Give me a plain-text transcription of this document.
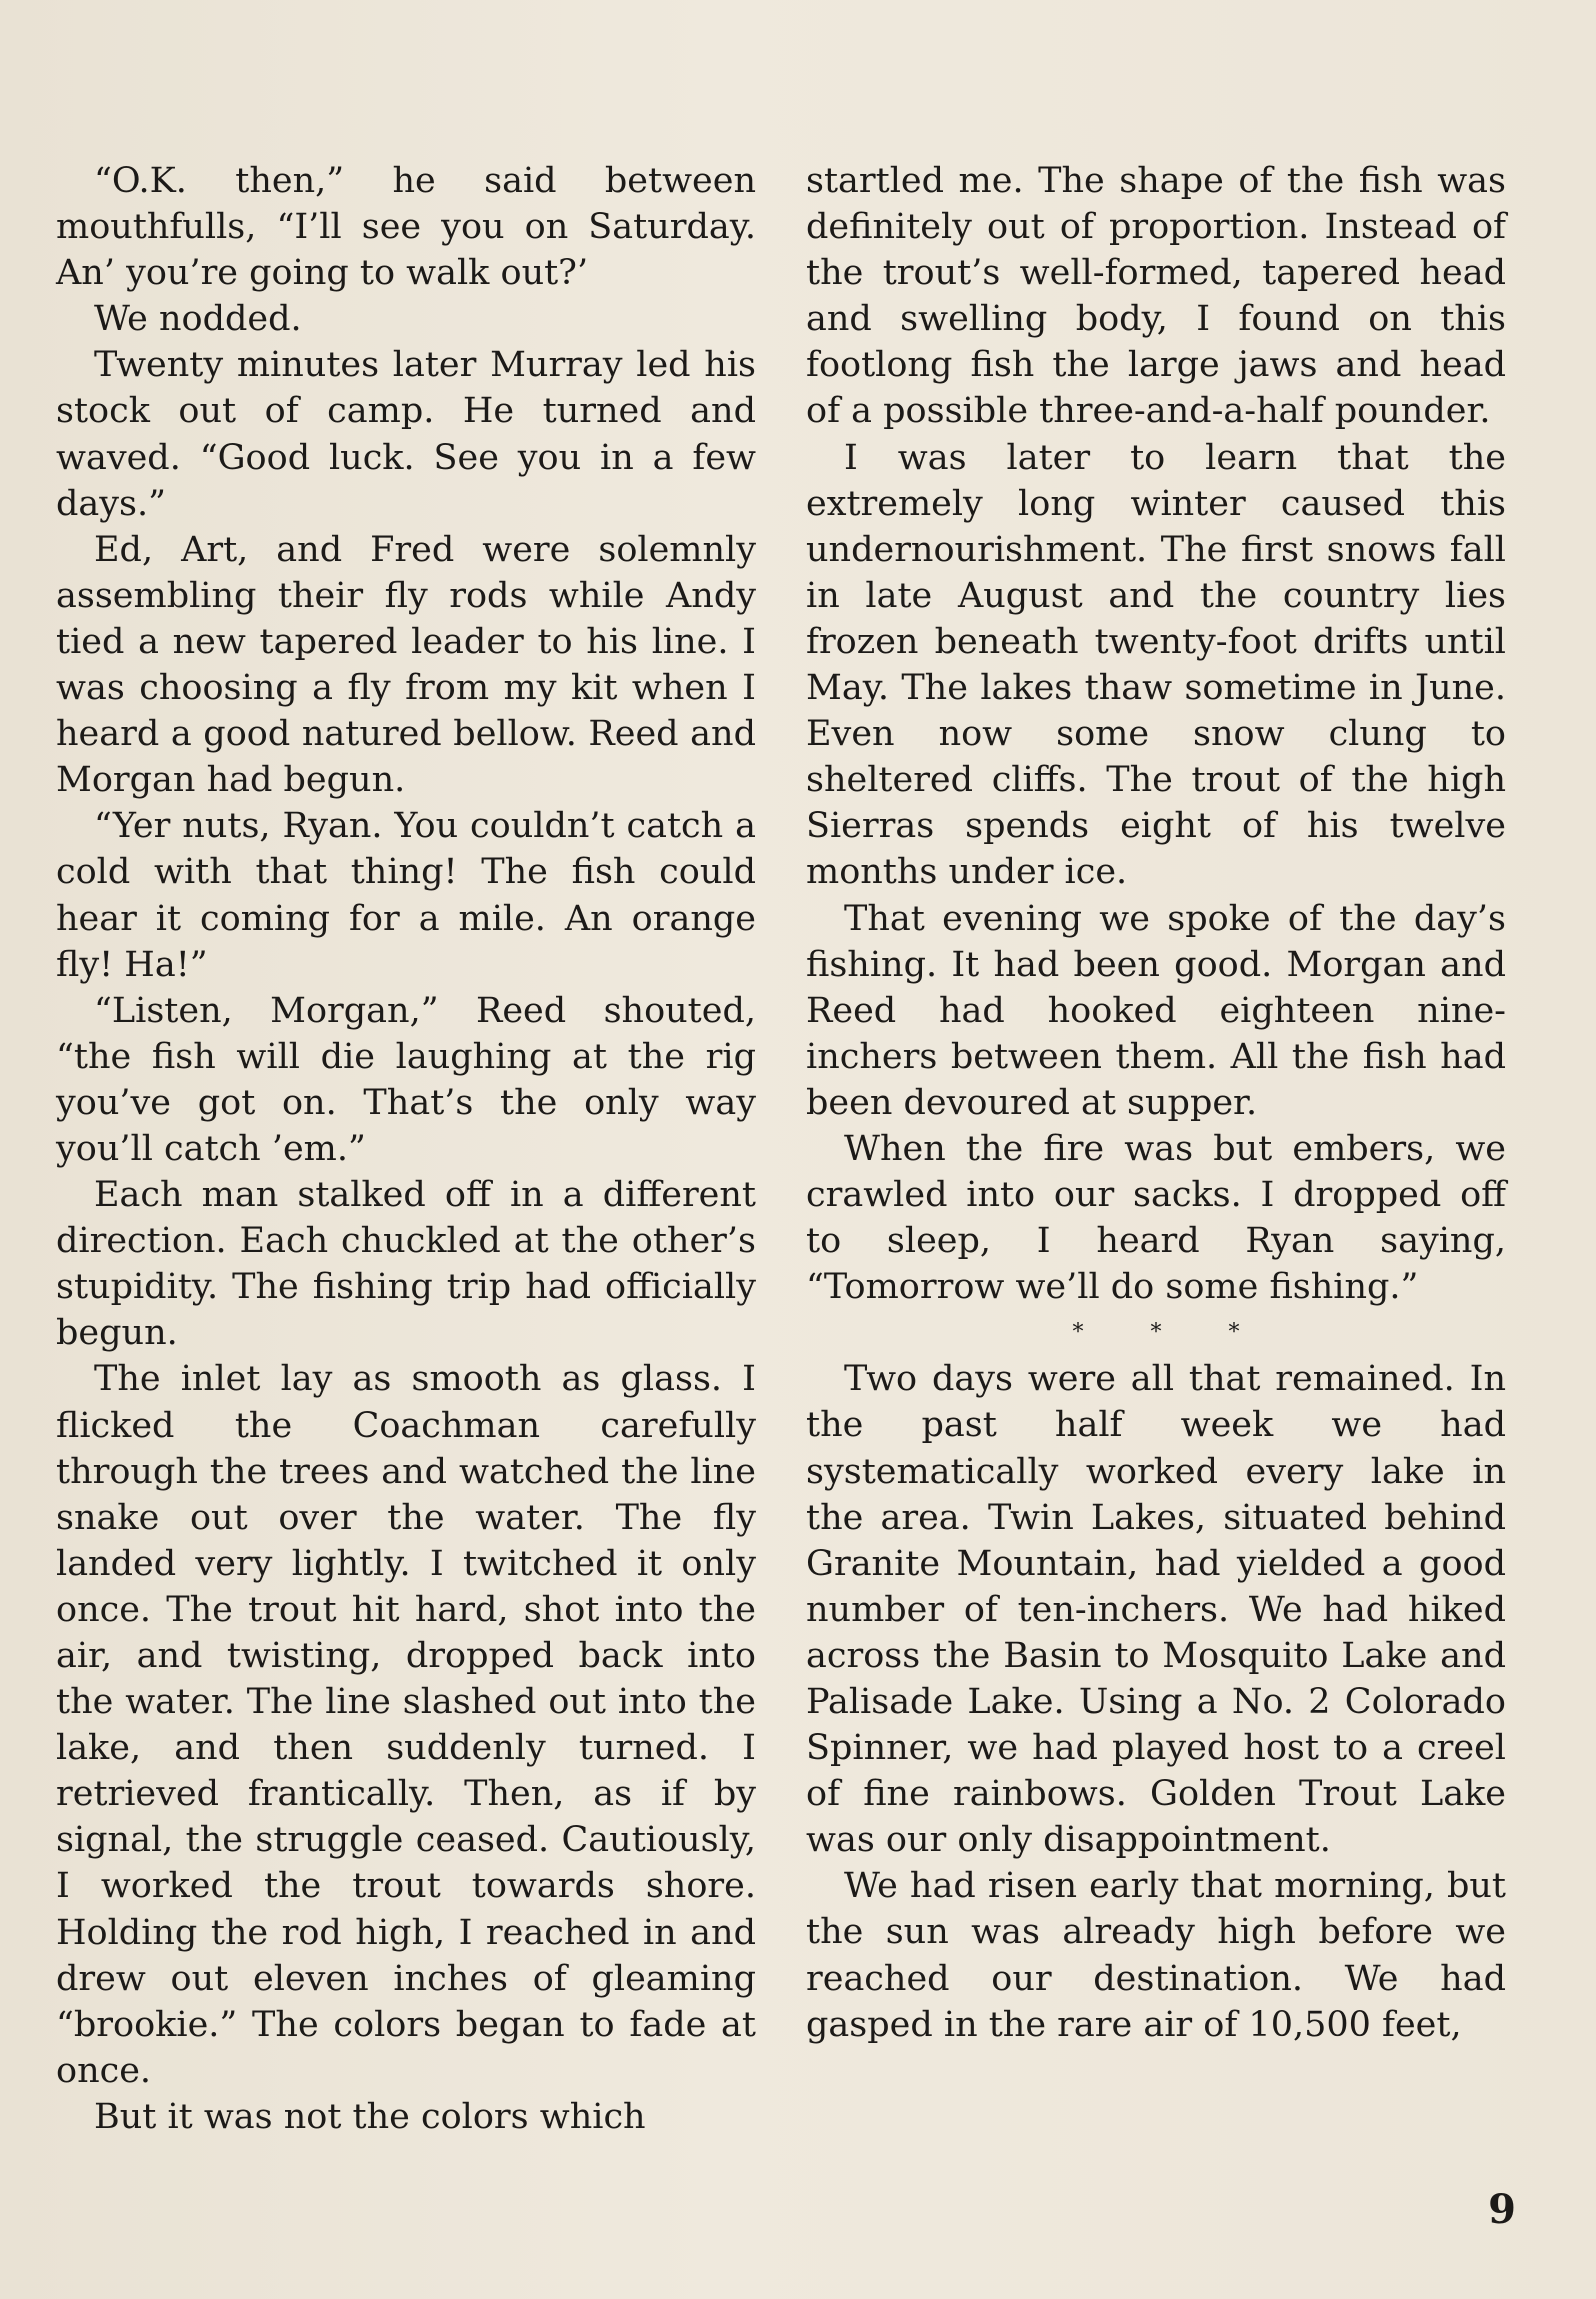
“O.K. then,” he said between mouthfulls, “I’ll see you on Saturday. An’ you’re going to walk out?’

We nodded.

Twenty minutes later Murray led his stock out of camp. He turned and waved. “Good luck. See you in a few days.”

Ed, Art, and Fred were solemnly assembling their fly rods while Andy tied a new tapered leader to his line. I was choosing a fly from my kit when I heard a good natured bellow. Reed and Morgan had begun.

“Yer nuts, Ryan. You couldn’t catch a cold with that thing! The fish could hear it coming for a mile. An orange fly! Ha!”

“Listen, Morgan,” Reed shouted, “the fish will die laughing at the rig you’ve got on. That’s the only way you’ll catch ’em.”

Each man stalked off in a different direction. Each chuckled at the other’s stupidity. The fishing trip had officially begun.

The inlet lay as smooth as glass. I flicked the Coachman carefully through the trees and watched the line snake out over the water. The fly landed very lightly. I twitched it only once. The trout hit hard, shot into the air, and twisting, dropped back into the water. The line slashed out into the lake, and then suddenly turned. I retrieved frantically. Then, as if by signal, the struggle ceased. Cautiously, I worked the trout towards shore. Holding the rod high, I reached in and drew out eleven inches of gleaming “brookie.” The colors began to fade at once.

But it was not the colors which

startled me. The shape of the fish was definitely out of proportion. Instead of the trout’s well-formed, tapered head and swelling body, I found on this footlong fish the large jaws and head of a possible three-and-a-half pounder.

I was later to learn that the extremely long winter caused this undernourishment. The first snows fall in late August and the country lies frozen beneath twenty-foot drifts until May. The lakes thaw sometime in June. Even now some snow clung to sheltered cliffs. The trout of the high Sierras spends eight of his twelve months under ice.

That evening we spoke of the day’s fishing. It had been good. Morgan and Reed had hooked eighteen nine-inchers between them. All the fish had been devoured at supper.

When the fire was but embers, we crawled into our sacks. I dropped off to sleep, I heard Ryan saying, “Tomorrow we’ll do some fishing.”

* * *

Two days were all that remained. In the past half week we had systematically worked every lake in the area. Twin Lakes, situated behind Granite Mountain, had yielded a good number of ten-inchers. We had hiked across the Basin to Mosquito Lake and Palisade Lake. Using a No. 2 Colorado Spinner, we had played host to a creel of fine rainbows. Golden Trout Lake was our only disappointment.

We had risen early that morning, but the sun was already high before we reached our destination. We had gasped in the rare air of 10,500 feet,

9
